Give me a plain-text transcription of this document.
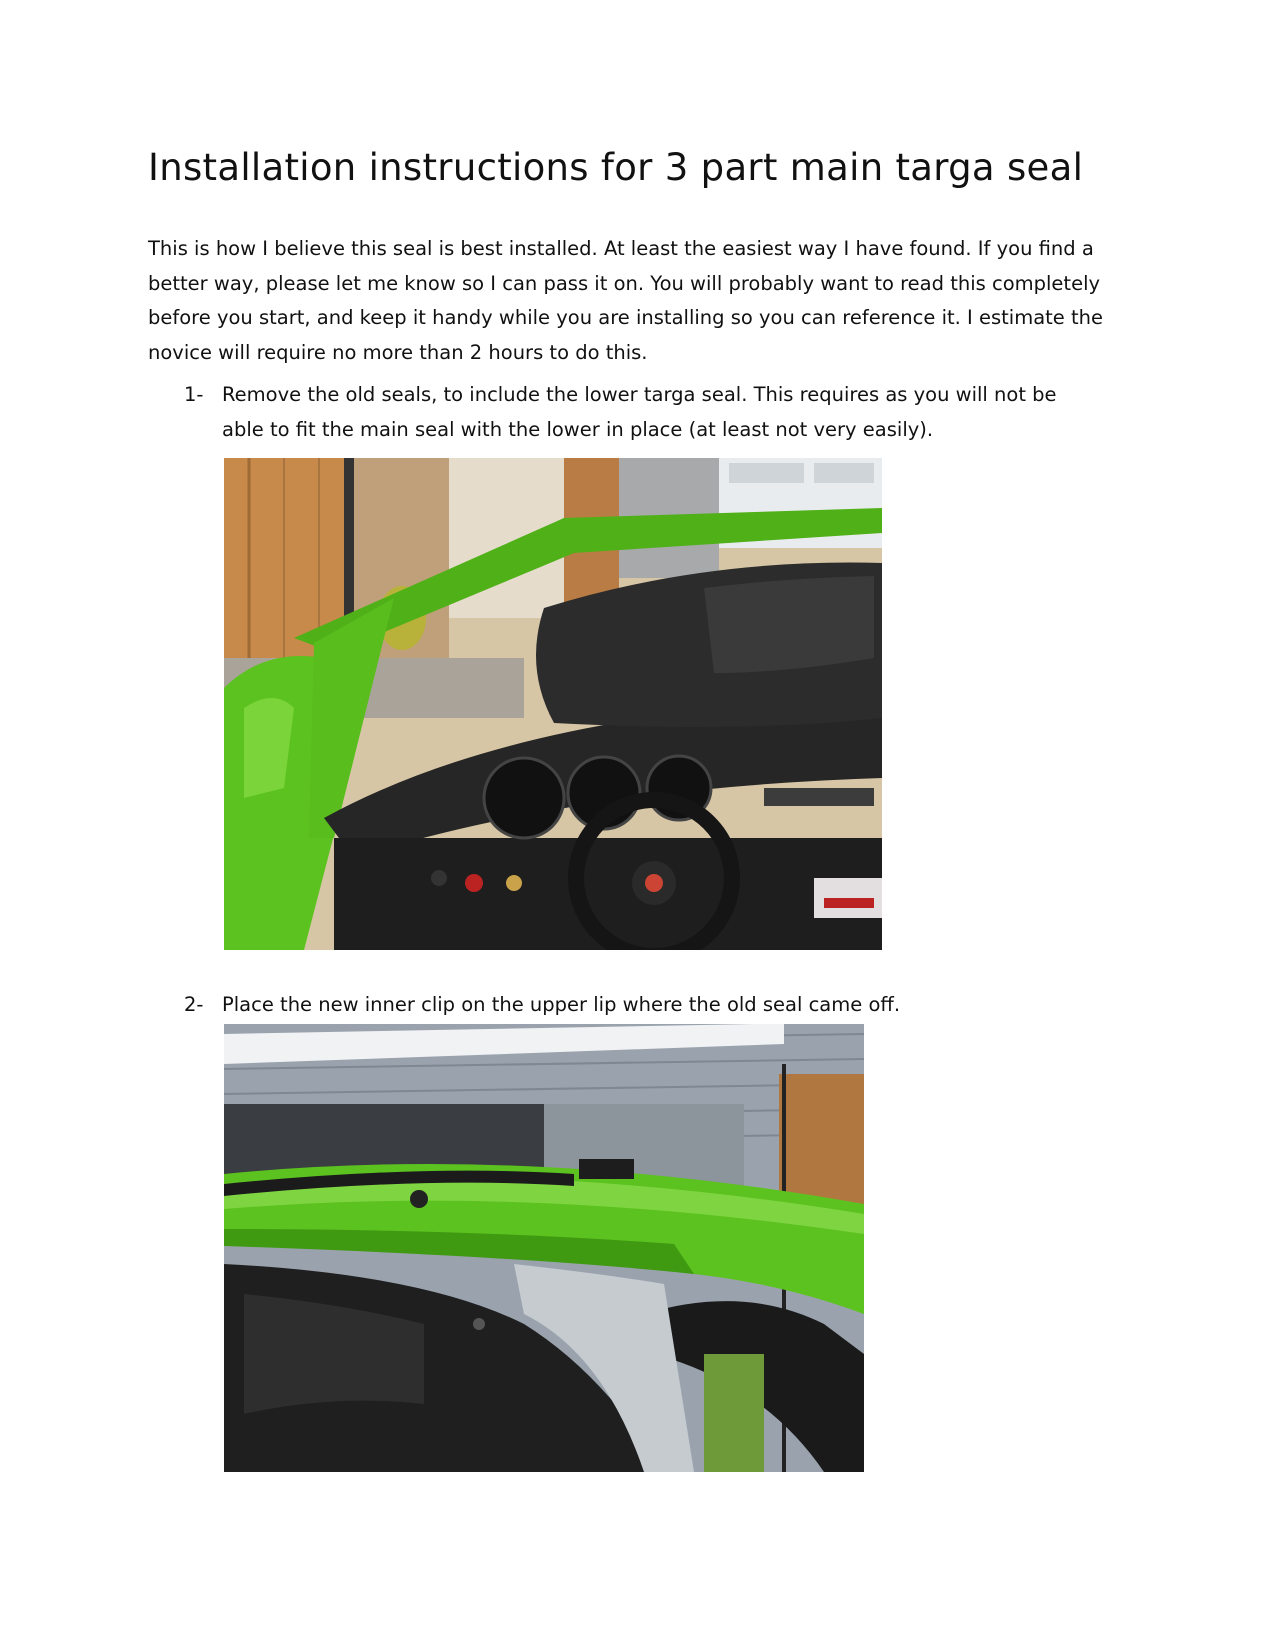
Installation instructions for 3 part main targa seal

This is how I believe this seal is best installed. At least the easiest way I have found. If you find a better way, please let me know so I can pass it on. You will probably want to read this completely before you start, and keep it handy while you are installing so you can reference it. I estimate the novice will require no more than 2 hours to do this.

1- Remove the old seals, to include the lower targa seal. This requires as you will not be able to fit the main seal with the lower in place (at least not very easily).
2- Place the new inner clip on the upper lip where the old seal came off.
